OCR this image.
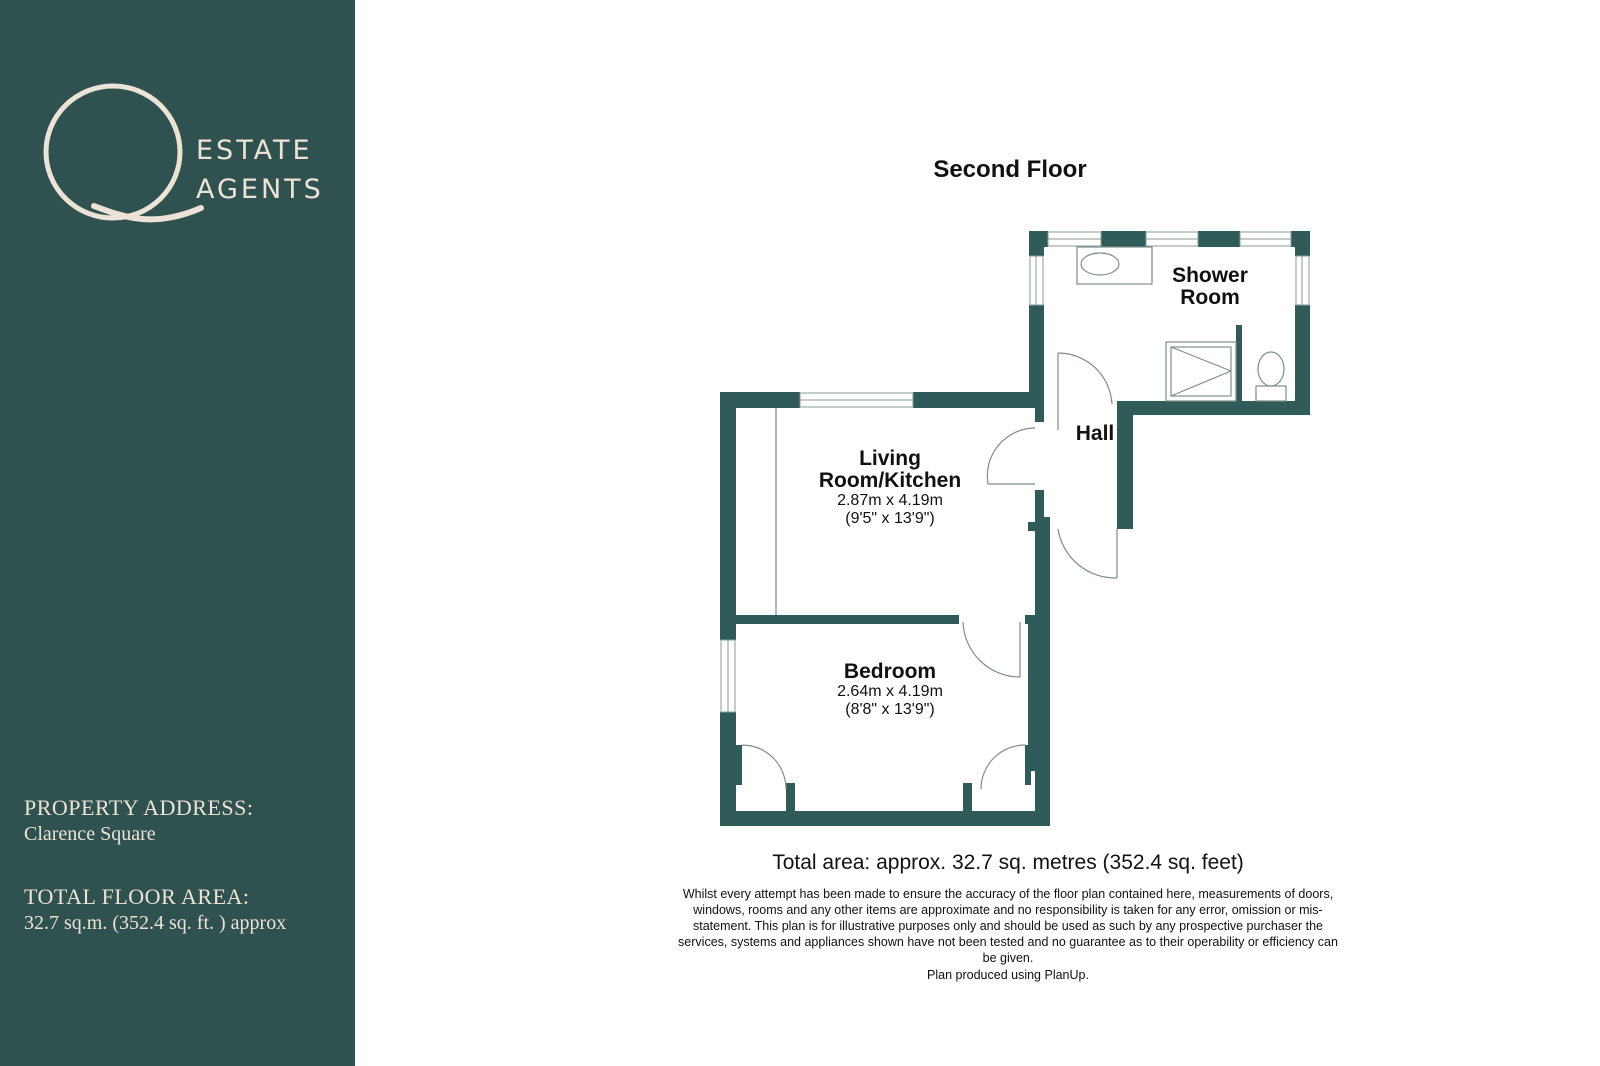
ESTATE
AGENTS
PROPERTY ADDRESS:
Clarence Square
TOTAL FLOOR AREA:
32.7 sq.m. (352.4 sq. ft. ) approx
Second Floor
Shower
Room
Hall
Living
Room/Kitchen
2.87m x 4.19m
(9'5" x 13'9")
Bedroom
2.64m x 4.19m
(8'8" x 13'9")
Total area: approx. 32.7 sq. metres (352.4 sq. feet)
Whilst every attempt has been made to ensure the accuracy of the floor plan contained here, measurements of doors,
windows, rooms and any other items are approximate and no responsibility is taken for any error, omission or mis-
statement. This plan is for illustrative purposes only and should be used as such by any prospective purchaser the
services, systems and appliances shown have not been tested and no guarantee as to their operability or efficiency can
be given.
Plan produced using PlanUp.
